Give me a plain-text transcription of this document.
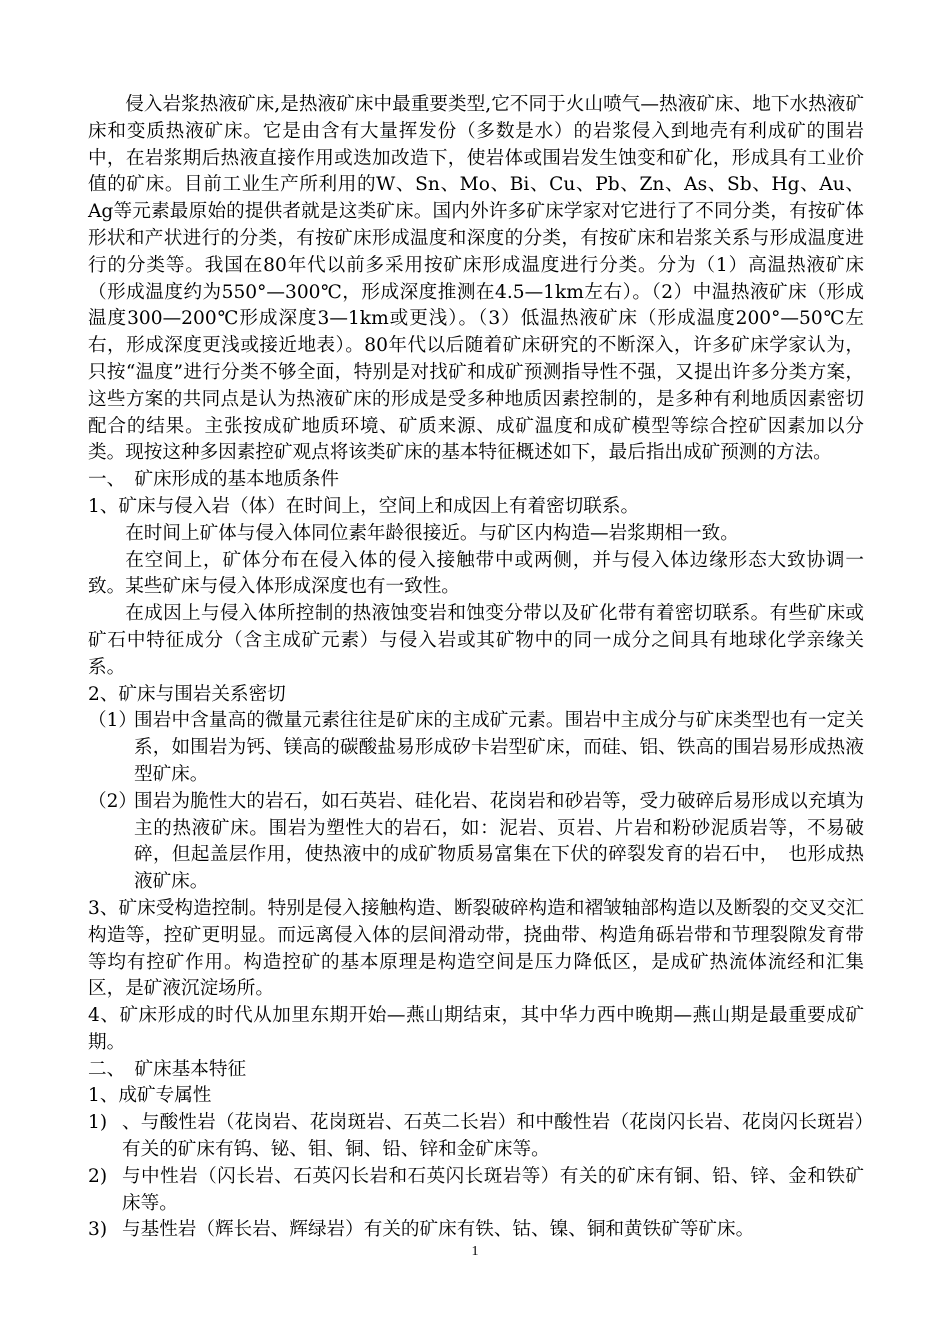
侵入岩浆热液矿床,是热液矿床中最重要类型,它不同于火山喷气—热液矿床、地下水热液矿床和变质热液矿床。它是由含有大量挥发份（多数是水）的岩浆侵入到地壳有利成矿的围岩中，在岩浆期后热液直接作用或迭加改造下，使岩体或围岩发生蚀变和矿化，形成具有工业价值的矿床。目前工业生产所利用的W、Sn、Mo、Bi、Cu、Pb、Zn、As、Sb、Hg、Au、Ag等元素最原始的提供者就是这类矿床。国内外许多矿床学家对它进行了不同分类，有按矿体形状和产状进行的分类，有按矿床形成温度和深度的分类，有按矿床和岩浆关系与形成温度进行的分类等。我国在80年代以前多采用按矿床形成温度进行分类。分为（1）高温热液矿床（形成温度约为550°—300℃，形成深度推测在4.5—1km左右）。（2）中温热液矿床（形成温度300—200℃形成深度3—1km或更浅）。（3）低温热液矿床（形成温度200°—50℃左右，形成深度更浅或接近地表）。80年代以后随着矿床研究的不断深入，许多矿床学家认为，只按“温度”进行分类不够全面，特别是对找矿和成矿预测指导性不强，又提出许多分类方案，这些方案的共同点是认为热液矿床的形成是受多种地质因素控制的，是多种有利地质因素密切配合的结果。主张按成矿地质环境、矿质来源、成矿温度和成矿模型等综合控矿因素加以分类。现按这种多因素控矿观点将该类矿床的基本特征概述如下，最后指出成矿预测的方法。

一、　矿床形成的基本地质条件

1、矿床与侵入岩（体）在时间上，空间上和成因上有着密切联系。

在时间上矿体与侵入体同位素年龄很接近。与矿区内构造—岩浆期相一致。

在空间上，矿体分布在侵入体的侵入接触带中或两侧，并与侵入体边缘形态大致协调一致。某些矿床与侵入体形成深度也有一致性。

在成因上与侵入体所控制的热液蚀变岩和蚀变分带以及矿化带有着密切联系。有些矿床或矿石中特征成分（含主成矿元素）与侵入岩或其矿物中的同一成分之间具有地球化学亲缘关系。

2、矿床与围岩关系密切

（1）
围岩中含量高的微量元素往往是矿床的主成矿元素。围岩中主成分与矿床类型也有一定关系，如围岩为钙、镁高的碳酸盐易形成矽卡岩型矿床，而硅、铝、铁高的围岩易形成热液型矿床。
（2）
围岩为脆性大的岩石，如石英岩、硅化岩、花岗岩和砂岩等，受力破碎后易形成以充填为主的热液矿床。围岩为塑性大的岩石，如：泥岩、页岩、片岩和粉砂泥质岩等，不易破碎，但起盖层作用，使热液中的成矿物质易富集在下伏的碎裂发育的岩石中，　也形成热液矿床。

3、矿床受构造控制。特别是侵入接触构造、断裂破碎构造和褶皱轴部构造以及断裂的交叉交汇构造等，控矿更明显。而远离侵入体的层间滑动带，挠曲带、构造角砾岩带和节理裂隙发育带等均有控矿作用。构造控矿的基本原理是构造空间是压力降低区，是成矿热流体流经和汇集区，是矿液沉淀场所。

4、矿床形成的时代从加里东期开始—燕山期结束，其中华力西中晚期—燕山期是最重要成矿期。

二、　矿床基本特征

1、成矿专属性

1) 、与酸性岩（花岗岩、花岗斑岩、石英二长岩）和中酸性岩（花岗闪长岩、花岗闪长斑岩）有关的矿床有钨、铋、钼、铜、铅、锌和金矿床等。
2) 与中性岩（闪长岩、石英闪长岩和石英闪长斑岩等）有关的矿床有铜、铅、锌、金和铁矿床等。
3) 与基性岩（辉长岩、辉绿岩）有关的矿床有铁、钴、镍、铜和黄铁矿等矿床。
1
